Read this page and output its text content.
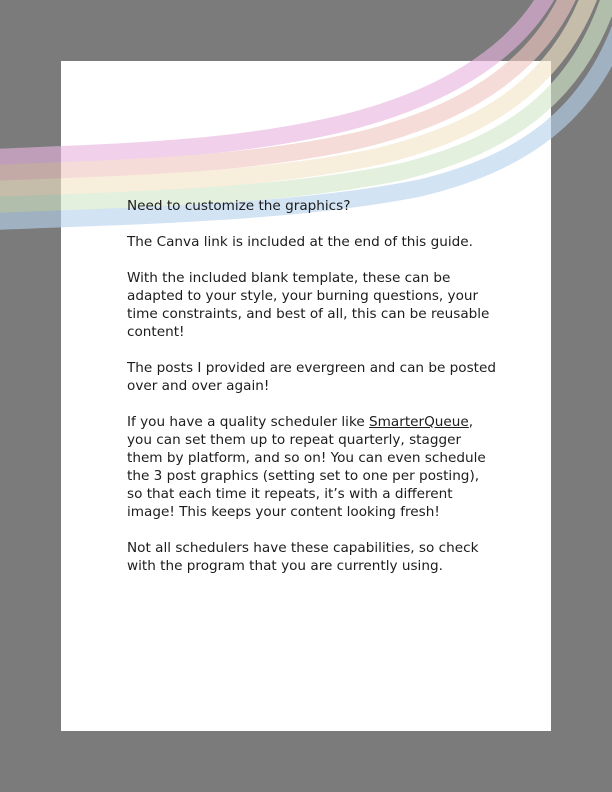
Need to customize the graphics?

The Canva link is included at the end of this guide.

With the included blank template, these can be adapted to your style, your burning questions, your time constraints, and best of all, this can be reusable content!

The posts I provided are evergreen and can be posted over and over again!

If you have a quality scheduler like SmarterQueue, you can set them up to repeat quarterly, stagger them by platform, and so on! You can even schedule the 3 post graphics (setting set to one per posting), so that each time it repeats, it’s with a different image! This keeps your content looking fresh!

Not all schedulers have these capabilities, so check with the program that you are currently using.
